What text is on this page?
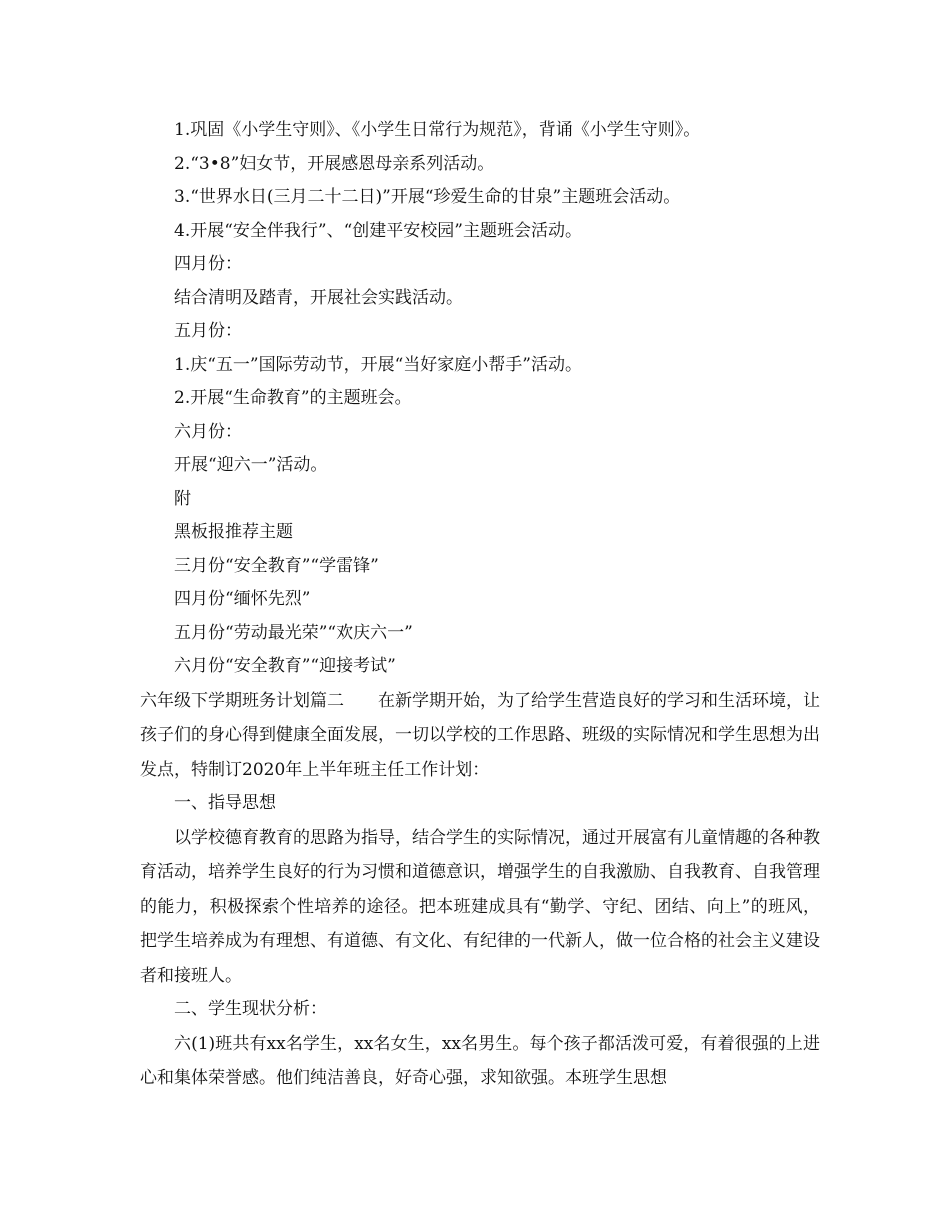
1.巩固《小学生守则》、《小学生日常行为规范》，背诵《小学生守则》。
2.“3•8”妇女节，开展感恩母亲系列活动。
3.“世界水日(三月二十二日)”开展“珍爱生命的甘泉”主题班会活动。
4.开展“安全伴我行”、“创建平安校园”主题班会活动。
四月份：
结合清明及踏青，开展社会实践活动。
五月份：
1.庆“五一”国际劳动节，开展“当好家庭小帮手”活动。
2.开展“生命教育”的主题班会。
六月份：
开展“迎六一”活动。
附
黑板报推荐主题
三月份“安全教育”“学雷锋”
四月份“缅怀先烈”
五月份“劳动最光荣”“欢庆六一”
六月份“安全教育”“迎接考试”

六年级下学期班务计划篇二　　在新学期开始，为了给学生营造良好的学习和生活环境，让孩子们的身心得到健康全面发展，一切以学校的工作思路、班级的实际情况和学生思想为出发点，特制订2020年上半年班主任工作计划：

一、指导思想

以学校德育教育的思路为指导，结合学生的实际情况，通过开展富有儿童情趣的各种教育活动，培养学生良好的行为习惯和道德意识，增强学生的自我激励、自我教育、自我管理的能力，积极探索个性培养的途径。把本班建成具有“勤学、守纪、团结、向上”的班风，把学生培养成为有理想、有道德、有文化、有纪律的一代新人，做一位合格的社会主义建设者和接班人。

二、学生现状分析：

六(1)班共有xx名学生，xx名女生，xx名男生。每个孩子都活泼可爱，有着很强的上进心和集体荣誉感。他们纯洁善良，好奇心强，求知欲强。本班学生思想
